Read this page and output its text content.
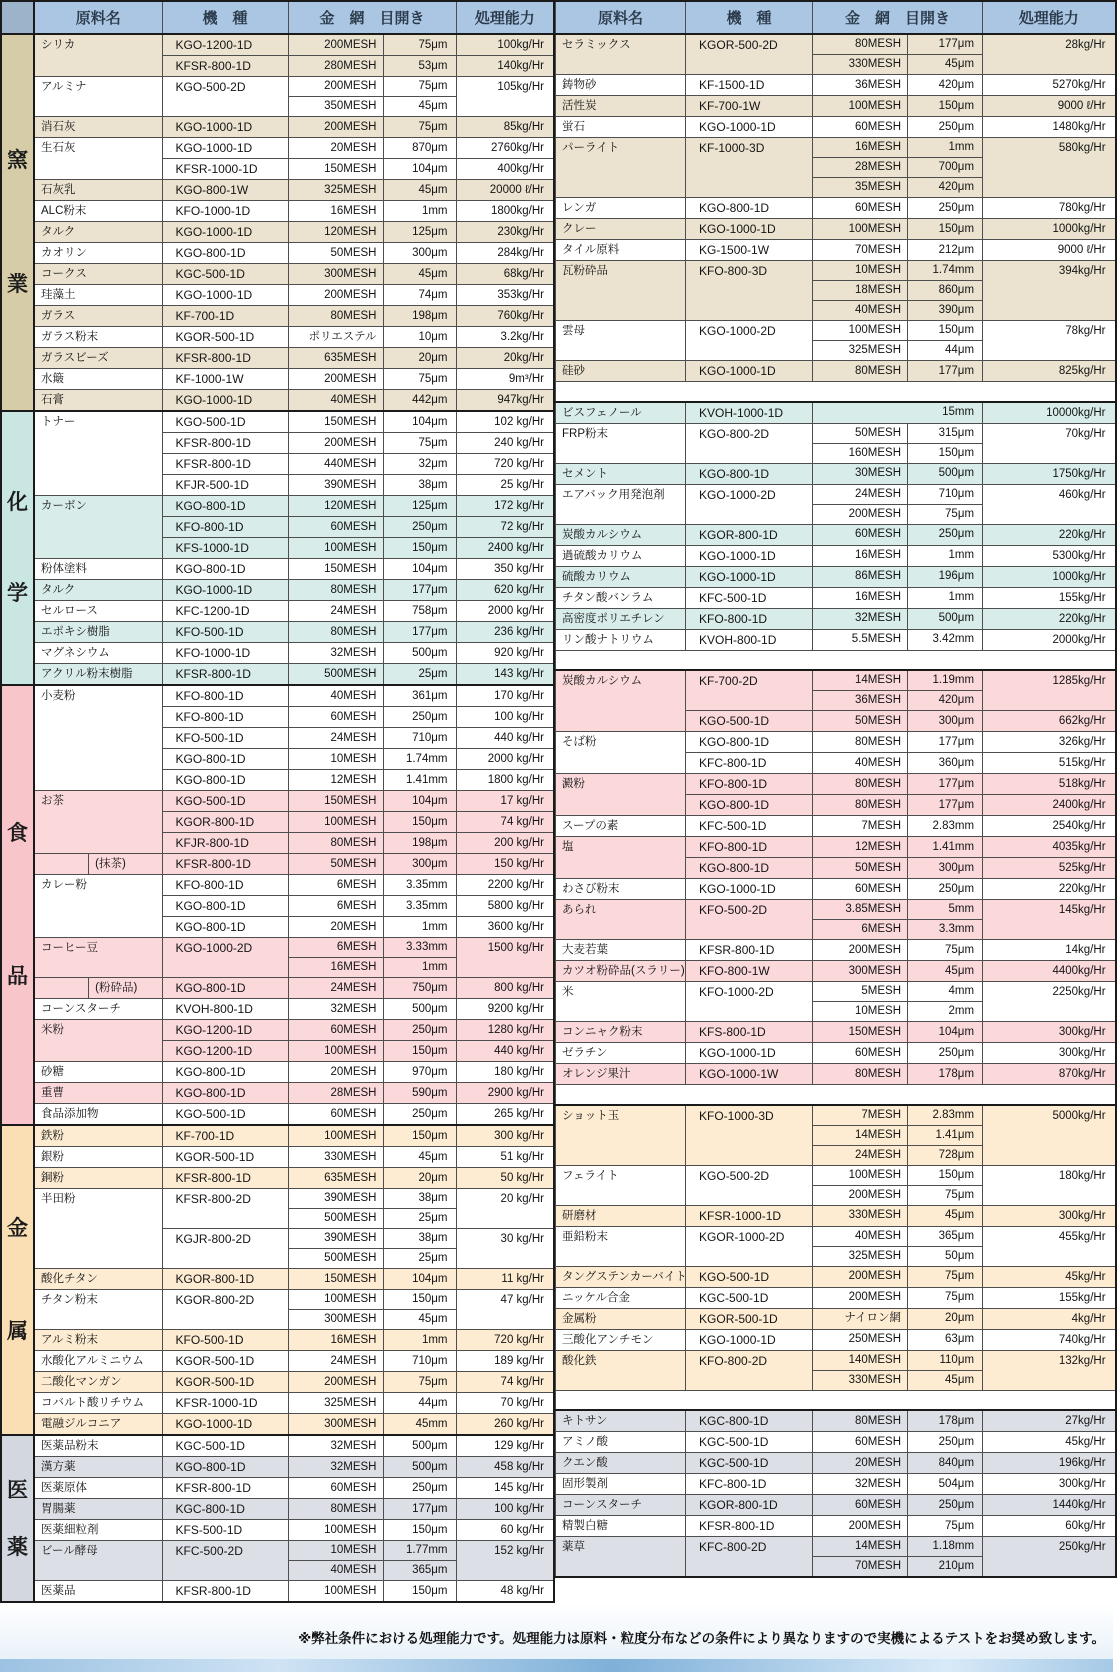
	原料名	機　種	金　網　目開き		処理能力

窯
業	シリカ	KGO-1200-1D	200MESH	75μm	100kg/Hr
		KFSR-800-1D	280MESH	53μm	140kg/Hr
	アルミナ	KGO-500-2D	200MESH	75μm	105kg/Hr
			350MESH	45μm	
	消石灰	KGO-1000-1D	200MESH	75μm	85kg/Hr
	生石灰	KGO-1000-1D	20MESH	870μm	2760kg/Hr
		KFSR-1000-1D	150MESH	104μm	400kg/Hr
	石灰乳	KGO-800-1W	325MESH	45μm	20000 ℓ/Hr
	ALC粉末	KFO-1000-1D	16MESH	1mm	1800kg/Hr
	タルク	KGO-1000-1D	120MESH	125μm	230kg/Hr
	カオリン	KGO-800-1D	50MESH	300μm	284kg/Hr
	コークス	KGC-500-1D	300MESH	45μm	68kg/Hr
	珪藻土	KGO-1000-1D	200MESH	74μm	353kg/Hr
	ガラス	KF-700-1D	80MESH	198μm	760kg/Hr
	ガラス粉末	KGOR-500-1D	ポリエステル	10μm	3.2kg/Hr
	ガラスビーズ	KFSR-800-1D	635MESH	20μm	20kg/Hr
	水簸	KF-1000-1W	200MESH	75μm	9m³/Hr
	石膏	KGO-1000-1D	40MESH	442μm	947kg/Hr

化
学	トナー	KGO-500-1D	150MESH	104μm	102 kg/Hr
		KFSR-800-1D	200MESH	75μm	240 kg/Hr
		KFSR-800-1D	440MESH	32μm	720 kg/Hr
		KFJR-500-1D	390MESH	38μm	25 kg/Hr
	カーボン	KGO-800-1D	120MESH	125μm	172 kg/Hr
		KFO-800-1D	60MESH	250μm	72 kg/Hr
		KFS-1000-1D	100MESH	150μm	2400 kg/Hr
	粉体塗料	KGO-800-1D	150MESH	104μm	350 kg/Hr
	タルク	KGO-1000-1D	80MESH	177μm	620 kg/Hr
	セルロース	KFC-1200-1D	24MESH	758μm	2000 kg/Hr
	エポキシ樹脂	KFO-500-1D	80MESH	177μm	236 kg/Hr
	マグネシウム	KFO-1000-1D	32MESH	500μm	920 kg/Hr
	アクリル粉末樹脂	KFSR-800-1D	500MESH	25μm	143 kg/Hr

食
品	小麦粉	KFO-800-1D	40MESH	361μm	170 kg/Hr
		KFO-800-1D	60MESH	250μm	100 kg/Hr
		KFO-500-1D	24MESH	710μm	440 kg/Hr
		KGO-800-1D	10MESH	1.74mm	2000 kg/Hr
		KGO-800-1D	12MESH	1.41mm	1800 kg/Hr
	お茶	KGO-500-1D	150MESH	104μm	17 kg/Hr
		KGOR-800-1D	100MESH	150μm	74 kg/Hr
		KFJR-800-1D	80MESH	198μm	200 kg/Hr

	(抹茶)	KFSR-800-1D	50MESH	300μm	150 kg/Hr
	カレー粉	KFO-800-1D	6MESH	3.35mm	2200 kg/Hr
		KGO-800-1D	6MESH	3.35mm	5800 kg/Hr
		KGO-800-1D	20MESH	1mm	3600 kg/Hr
	コーヒー豆	KGO-1000-2D	6MESH	3.33mm	1500 kg/Hr
			16MESH	1mm	

	(粉砕品)	KGO-800-1D	24MESH	750μm	800 kg/Hr
	コーンスターチ	KVOH-800-1D	32MESH	500μm	9200 kg/Hr
	米粉	KGO-1200-1D	60MESH	250μm	1280 kg/Hr
		KGO-1200-1D	100MESH	150μm	440 kg/Hr
	砂糖	KGO-800-1D	20MESH	970μm	180 kg/Hr
	重曹	KGO-800-1D	28MESH	590μm	2900 kg/Hr
	食品添加物	KGO-500-1D	60MESH	250μm	265 kg/Hr

金
属	鉄粉	KF-700-1D	100MESH	150μm	300 kg/Hr
	銀粉	KGOR-500-1D	330MESH	45μm	51 kg/Hr
	銅粉	KFSR-800-1D	635MESH	20μm	50 kg/Hr
	半田粉	KFSR-800-2D	390MESH	38μm	20 kg/Hr
			500MESH	25μm	
		KGJR-800-2D	390MESH	38μm	30 kg/Hr
			500MESH	25μm	
	酸化チタン	KGOR-800-1D	150MESH	104μm	11 kg/Hr
	チタン粉末	KGOR-800-2D	100MESH	150μm	47 kg/Hr
			300MESH	45μm	
	アルミ粉末	KFO-500-1D	16MESH	1mm	720 kg/Hr
	水酸化アルミニウム	KGOR-500-1D	24MESH	710μm	189 kg/Hr
	二酸化マンガン	KGOR-500-1D	200MESH	75μm	74 kg/Hr
	コバルト酸リチウム	KFSR-1000-1D	325MESH	44μm	70 kg/Hr
	電融ジルコニア	KGO-1000-1D	300MESH	45mm	260 kg/Hr

医
薬	医薬品粉末	KGC-500-1D	32MESH	500μm	129 kg/Hr
	漢方薬	KGO-800-1D	32MESH	500μm	458 kg/Hr
	医薬原体	KFSR-800-1D	60MESH	250μm	145 kg/Hr
	胃腸薬	KGC-800-1D	80MESH	177μm	100 kg/Hr
	医薬細粒剤	KFS-500-1D	100MESH	150μm	60 kg/Hr
	ビール酵母	KFC-500-2D	10MESH	1.77mm	152 kg/Hr
			40MESH	365μm	
	医薬品	KFSR-800-1D	100MESH	150μm	48 kg/Hr
原料名	機　種	金　網　目開き		処理能力
セラミックス	KGOR-500-2D	80MESH	177μm	28kg/Hr
		330MESH	45μm	
鋳物砂	KF-1500-1D	36MESH	420μm	5270kg/Hr
活性炭	KF-700-1W	100MESH	150μm	9000 ℓ/Hr
蛍石	KGO-1000-1D	60MESH	250μm	1480kg/Hr
パーライト	KF-1000-3D	16MESH	1mm	580kg/Hr
		28MESH	700μm	
		35MESH	420μm	
レンガ	KGO-800-1D	60MESH	250μm	780kg/Hr
クレー	KGO-1000-1D	100MESH	150μm	1000kg/Hr
タイル原料	KG-1500-1W	70MESH	212μm	9000 ℓ/Hr
瓦粉砕品	KFO-800-3D	10MESH	1.74mm	394kg/Hr
		18MESH	860μm	
		40MESH	390μm	
雲母	KGO-1000-2D	100MESH	150μm	78kg/Hr
		325MESH	44μm	
硅砂	KGO-1000-1D	80MESH	177μm	825kg/Hr

ビスフェノール	KVOH-1000-1D	15mm		10000kg/Hr
FRP粉末	KGO-800-2D	50MESH	315μm	70kg/Hr
		160MESH	150μm	
セメント	KGO-800-1D	30MESH	500μm	1750kg/Hr
エアバック用発泡剤	KGO-1000-2D	24MESH	710μm	460kg/Hr
		200MESH	75μm	
炭酸カルシウム	KGOR-800-1D	60MESH	250μm	220kg/Hr
過硫酸カリウム	KGO-1000-1D	16MESH	1mm	5300kg/Hr
硫酸カリウム	KGO-1000-1D	86MESH	196μm	1000kg/Hr
チタン酸バンラム	KFC-500-1D	16MESH	1mm	155kg/Hr
高密度ポリエチレン	KFO-800-1D	32MESH	500μm	220kg/Hr
リン酸ナトリウム	KVOH-800-1D	5.5MESH	3.42mm	2000kg/Hr

炭酸カルシウム	KF-700-2D	14MESH	1.19mm	1285kg/Hr
		36MESH	420μm	
	KGO-500-1D	50MESH	300μm	662kg/Hr
そば粉	KGO-800-1D	80MESH	177μm	326kg/Hr
	KFC-800-1D	40MESH	360μm	515kg/Hr
澱粉	KFO-800-1D	80MESH	177μm	518kg/Hr
	KGO-800-1D	80MESH	177μm	2400kg/Hr
スープの素	KFC-500-1D	7MESH	2.83mm	2540kg/Hr
塩	KFO-800-1D	12MESH	1.41mm	4035kg/Hr
	KGO-800-1D	50MESH	300μm	525kg/Hr
わさび粉末	KGO-1000-1D	60MESH	250μm	220kg/Hr
あられ	KFO-500-2D	3.85MESH	5mm	145kg/Hr
		6MESH	3.3mm	
大麦若葉	KFSR-800-1D	200MESH	75μm	14kg/Hr
カツオ粉砕品(スラリー)	KFO-800-1W	300MESH	45μm	4400kg/Hr
米	KFO-1000-2D	5MESH	4mm	2250kg/Hr
		10MESH	2mm	
コンニャク粉末	KFS-800-1D	150MESH	104μm	300kg/Hr
ゼラチン	KGO-1000-1D	60MESH	250μm	300kg/Hr
オレンジ果汁	KGO-1000-1W	80MESH	178μm	870kg/Hr

ショット玉	KFO-1000-3D	7MESH	2.83mm	5000kg/Hr
		14MESH	1.41μm	
		24MESH	728μm	
フェライト	KGO-500-2D	100MESH	150μm	180kg/Hr
		200MESH	75μm	
研磨材	KFSR-1000-1D	330MESH	45μm	300kg/Hr
亜鉛粉末	KGOR-1000-2D	40MESH	365μm	455kg/Hr
		325MESH	50μm	
タングステンカーバイト	KGO-500-1D	200MESH	75μm	45kg/Hr
ニッケル合金	KGC-500-1D	200MESH	75μm	155kg/Hr
金属粉	KGOR-500-1D	ナイロン網	20μm	4kg/Hr
三酸化アンチモン	KGO-1000-1D	250MESH	63μm	740kg/Hr
酸化鉄	KFO-800-2D	140MESH	110μm	132kg/Hr
		330MESH	45μm	

キトサン	KGC-800-1D	80MESH	178μm	27kg/Hr
アミノ酸	KGC-500-1D	60MESH	250μm	45kg/Hr
クエン酸	KGC-500-1D	20MESH	840μm	196kg/Hr
固形製剤	KFC-800-1D	32MESH	504μm	300kg/Hr
コーンスターチ	KGOR-800-1D	60MESH	250μm	1440kg/Hr
精製白糖	KFSR-800-1D	200MESH	75μm	60kg/Hr
薬草	KFC-800-2D	14MESH	1.18mm	250kg/Hr
		70MESH	210μm	
※弊社条件における処理能力です。処理能力は原料・粒度分布などの条件により異なりますので実機によるテストをお奨め致します。
